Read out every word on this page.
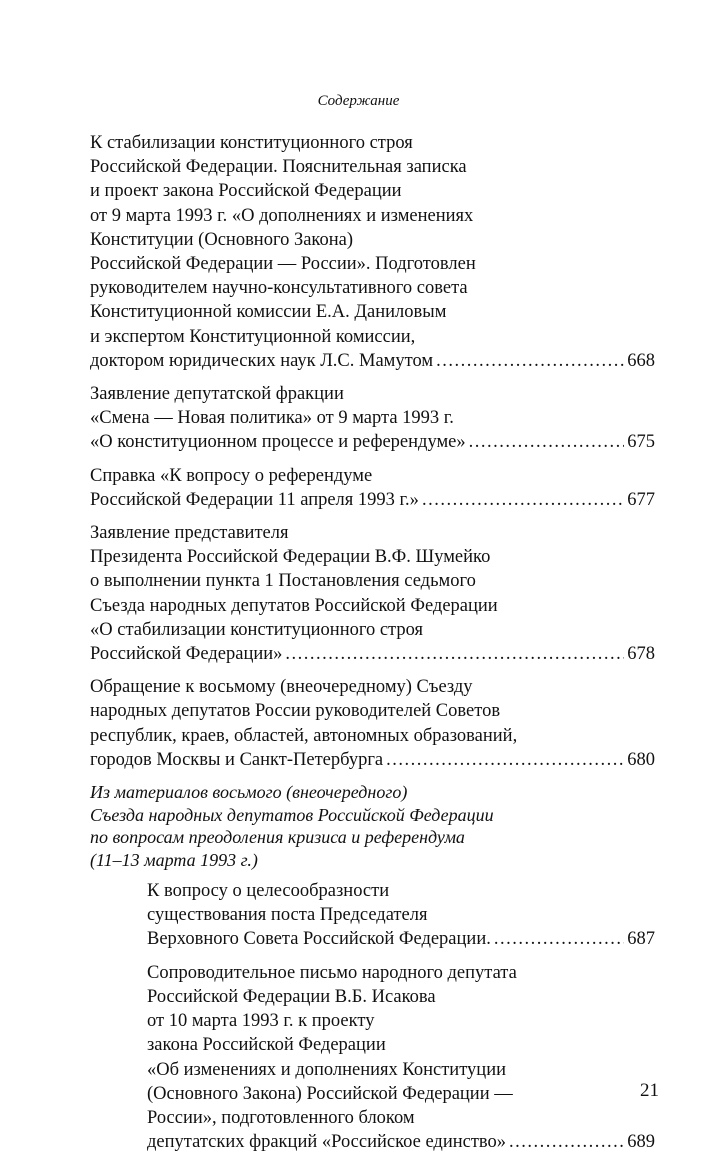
Содержание
К стабилизации конституционного строя
Российской Федерации. Пояснительная записка
и проект закона Российской Федерации
от 9 марта 1993 г. «О дополнениях и изменениях
Конституции (Основного Закона)
Российской Федерации — России». Подготовлен
руководителем научно-консультативного совета
Конституционной комиссии Е.А. Даниловым
и экспертом Конституционной комиссии,
доктором юридических наук Л.С. Мамутом .....	668
Заявление депутатской фракции
«Смена — Новая политика» от 9 марта 1993 г.
«О конституционном процессе и референдуме» .....	675
Справка «К вопросу о референдуме
Российской Федерации 11 апреля 1993 г.» .....	677
Заявление представителя
Президента Российской Федерации В.Ф. Шумейко
о выполнении пункта 1 Постановления седьмого
Съезда народных депутатов Российской Федерации
«О стабилизации конституционного строя
Российской Федерации» .....	678
Обращение к восьмому (внеочередному) Съезду
народных депутатов России руководителей Советов
республик, краев, областей, автономных образований,
городов Москвы и Санкт-Петербурга .....	680
Из материалов восьмого (внеочередного)
Съезда народных депутатов Российской Федерации
по вопросам преодоления кризиса и референдума
(11–13 марта 1993 г.)
К вопросу о целесообразности
существования поста Председателя
Верховного Совета Российской Федерации. .....	687
Сопроводительное письмо народного депутата
Российской Федерации В.Б. Исакова
от 10 марта 1993 г. к проекту
закона Российской Федерации
«Об изменениях и дополнениях Конституции
(Основного Закона) Российской Федерации —
России», подготовленного блоком
депутатских фракций «Российское единство» .....	689
21
